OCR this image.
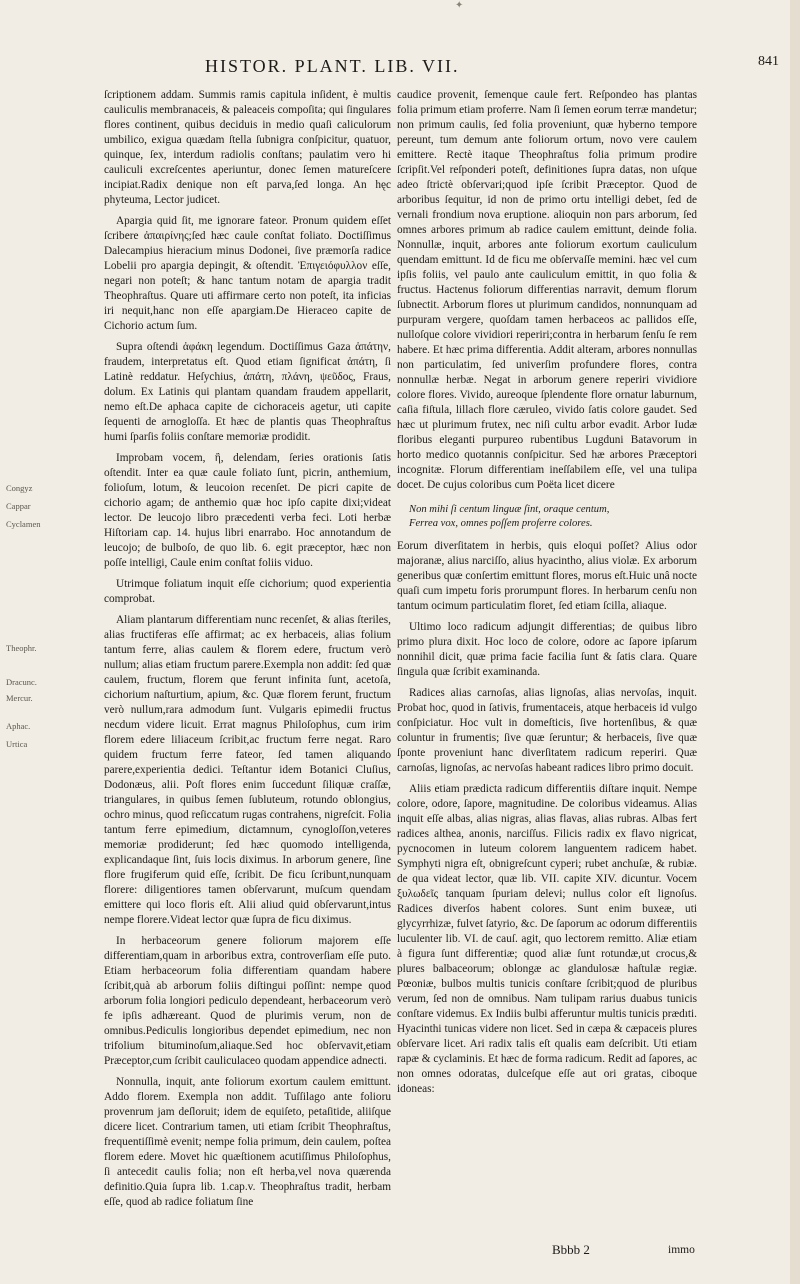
✦
HISTOR. PLANT. LIB. VII.	841
Congyz
Cappar
Cyclamen
Theophr.
Dracunc.
Mercur.
Aphac.
Urtica

ſcriptionem addam. Summis ramis capitula inſident, è multis cauliculis membranaceis, & paleaceis compoſita; qui ſingulares flores continent, quibus deciduis in medio quaſi caliculorum umbilico, exigua quædam ſtella ſubnigra conſpicitur, quatuor, quinque, ſex, interdum radiolis conſtans; paulatim vero hi cauliculi excreſcentes aperiuntur, donec ſemen matureſcere incipiat.Radix denique non eſt parva,ſed longa. An hęc phyteuma, Lector judicet.

Apargia quid ſit, me ignorare fateor. Pronum quidem eſſet ſcribere ἀπαιρίνης;ſed hæc caule conſtat foliato. Doctiſſimus Dalecampius hieracium minus Dodonei, ſive præmorſa radice Lobelii pro apargia depingit, & oſtendit. Ἐπιγειόφυλλον eſſe, negari non poteſt; & hanc tantum notam de apargia tradit Theophraſtus. Quare uti affirmare certo non poteſt, ita inficias iri nequit,hanc non eſſe apargiam.De Hieraceo capite de Cichorio actum ſum.

Supra oſtendi ἀφάκη legendum. Doctiſſimus Gaza ἀπάτην, fraudem, interpretatus eſt. Quod etiam ſignificat ἀπάτη, ſi Latinè reddatur. Heſychius, ἀπάτη, πλάνη, ψεῦδος, Fraus, dolum. Ex Latinis qui plantam quandam fraudem appellarit, nemo eſt.De aphaca capite de cichoraceis agetur, uti capite ſequenti de arnogloſſa. Et hæc de plantis quas Theophraſtus humi ſparſis foliis conſtare memoriæ prodidit.

Improbam vocem, ἢ, delendam, ſeries orationis ſatis oſtendit. Inter ea quæ caule foliato ſunt, picrin, anthemium, folioſum, lotum, & leucoion recenſet. De picri capite de cichorio agam; de anthemio quæ hoc ipſo capite dixi;videat lector. De leucojo libro præcedenti verba feci. Loti herbæ Hiſtoriam cap. 14. hujus libri enarrabo. Hoc annotandum de leucojo; de bulboſo, de quo lib. 6. egit præceptor, hæc non poſſe intelligi, Caule enim conſtat foliis viduo.

Utrimque foliatum inquit eſſe cichorium; quod experientia comprobat.

Aliam plantarum differentiam nunc recenſet, & alias ſteriles, alias fructiferas eſſe affirmat; ac ex herbaceis, alias folium tantum ferre, alias caulem & florem edere, fructum verò nullum; alias etiam fructum parere.Exempla non addit: ſed quæ caulem, fructum, florem que ferunt infinita ſunt, acetoſa, cichorium naſturtium, apium, &c. Quæ florem ferunt, fructum verò nullum,rara admodum ſunt. Vulgaris epimedii fructus necdum videre licuit. Errat magnus Philoſophus, cum irim florem edere liliaceum ſcribit,ac fructum ferre negat. Raro quidem fructum ferre fateor, ſed tamen aliquando parere,experientia dedici. Teſtantur idem Botanici Cluſius, Dodonæus, alii. Poſt flores enim ſuccedunt ſiliquæ craſſæ, triangulares, in quibus ſemen ſubluteum, rotundo oblongius, ochro minus, quod reſiccatum rugas contrahens, nigreſcit. Folia tantum ferre epimedium, dictamnum, cynogloſſon,veteres memoriæ prodiderunt; ſed hæc quomodo intelligenda, explicandaque ſint, ſuis locis diximus. In arborum genere, ſine flore frugiferum quid eſſe, ſcribit. De ficu ſcribunt,nunquam florere: diligentiores tamen obſervarunt, muſcum quendam emittere qui loco floris eſt. Alii aliud quid obſervarunt,intus nempe florere.Videat lector quæ ſupra de ficu diximus.

In herbaceorum genere foliorum majorem eſſe differentiam,quam in arboribus extra, controverſiam eſſe puto. Etiam herbaceorum folia differentiam quandam habere ſcribit,quà ab arborum foliis diſtingui poſſint: nempe quod arborum folia longiori pediculo dependeant, herbaceorum verò fe ipſis adhæreant. Quod de plurimis verum, non de omnibus.Pediculis longioribus dependet epimedium, nec non trifolium bituminoſum,aliaque.Sed hoc obſervavit,etiam Præceptor,cum ſcribit cauliculaceo quodam appendice adnecti.

Nonnulla, inquit, ante foliorum exortum caulem emittunt. Addo florem. Exempla non addit. Tuſſilago ante folioru provenrum jam deſloruit; idem de equiſeto, petaſitide, aliiſque dicere licet. Contrarium tamen, uti etiam ſcribit Theophraſtus, frequentiſſimè evenit; nempe folia primum, dein caulem, poſtea florem edere. Movet hic quæſtionem acutiſſimus Philoſophus, ſi antecedit caulis folia; non eſt herba,vel nova quærenda definitio.Quia ſupra lib. 1.cap.v. Theophraſtus tradit, herbam eſſe, quod ab radice foliatum ſine

caudice provenit, ſemenque caule fert. Reſpondeo has plantas folia primum etiam proferre. Nam ſi ſemen eorum terræ mandetur; non primum caulis, ſed folia proveniunt, quæ hyberno tempore pereunt, tum demum ante foliorum ortum, novo vere caulem emittere. Rectè itaque Theophraſtus folia primum prodire ſcripſit.Vel reſponderi poteſt, definitiones ſupra datas, non uſque adeo ſtrictè obſervari;quod ipſe ſcribit Præceptor. Quod de arboribus ſequitur, id non de primo ortu intelligi debet, ſed de vernali frondium nova eruptione. alioquin non pars arborum, ſed omnes arbores primum ab radice caulem emittunt, deinde folia. Nonnullæ, inquit, arbores ante foliorum exortum cauliculum quendam emittunt. Id de ficu me obſervaſſe memini. hæc vel cum ipſis foliis, vel paulo ante cauliculum emittit, in quo folia & fructus. Hactenus foliorum differentias narravit, demum florum ſubnectit. Arborum flores ut plurimum candidos, nonnunquam ad purpuram vergere, quoſdam tamen herbaceos ac pallidos eſſe, nulloſque colore vividiori reperiri;contra in herbarum ſenſu ſe rem habere. Et hæc prima differentia. Addit alteram, arbores nonnullas non particulatim, ſed univerſim profundere flores, contra nonnullæ herbæ. Negat in arborum genere reperiri vividiore colore flores. Vivido, aureoque ſplendente flore ornatur laburnum, caſia fiſtula, lillach flore cæruleo, vivido ſatis colore gaudet. Sed hæc ut plurimum frutex, nec niſi cultu arbor evadit. Arbor Iudæ floribus eleganti purpureo rubentibus Lugduni Batavorum in horto medico quotannis conſpicitur. Sed hæ arbores Præceptori incognitæ. Florum differentiam ineſſabilem eſſe, vel una tulipa docet. De cujus coloribus cum Poëta licet dicere

Non mihi ſi centum linguæ ſint, oraque centum,
Ferrea vox, omnes poſſem proferre colores.

Eorum diverſitatem in herbis, quis eloqui poſſet? Alius odor majoranæ, alius narciſſo, alius hyacintho, alius violæ. Ex arborum generibus quæ conſertim emittunt flores, morus eſt.Huic unâ nocte quaſi cum impetu foris prorumpunt flores. In herbarum cenſu non tantum ocimum particulatim floret, ſed etiam ſcilla, aliaque.

Ultimo loco radicum adjungit differentias; de quibus libro primo plura dixit. Hoc loco de colore, odore ac ſapore ipſarum nonnihil dicit, quæ prima facie facilia ſunt & ſatis clara. Quare ſingula quæ ſcribit examinanda.

Radices alias carnoſas, alias lignoſas, alias nervoſas, inquit. Probat hoc, quod in ſativis, frumentaceis, atque herbaceis id vulgo conſpiciatur. Hoc vult in domeſticis, ſive hortenſibus, & quæ coluntur in frumentis; ſive quæ ſeruntur; & herbaceis, ſive quæ ſponte proveniunt hanc diverſitatem radicum reperiri. Quæ carnoſas, lignoſas, ac nervoſas habeant radices libro primo docuit.

Aliis etiam prædicta radicum differentiis diſtare inquit. Nempe colore, odore, ſapore, magnitudine. De coloribus videamus. Alias inquit eſſe albas, alias nigras, alias flavas, alias rubras. Albas fert radices althea, anonis, narciſſus. Filicis radix ex flavo nigricat, pycnocomen in luteum colorem languentem radicem habet. Symphyti nigra eſt, obnigreſcunt cyperi; rubet anchuſæ, & rubiæ. de qua videat lector, quæ lib. VII. capite XIV. dicuntur. Vocem ξυλωδεῖς tanquam ſpuriam delevi; nullus color eſt lignoſus. Radices diverſos habent colores. Sunt enim buxeæ, uti glycyrrhizæ, fulvet ſatyrio, &c. De ſaporum ac odorum differentiis luculenter lib. VI. de cauſ. agit, quo lectorem remitto. Aliæ etiam à figura ſunt differentiæ; quod aliæ ſunt rotundæ,ut crocus,& plures balbaceorum; oblongæ ac glandulosæ haſtulæ regiæ. Pœoniæ, bulbos multis tunicis conſtare ſcribit;quod de pluribus verum, ſed non de omnibus. Nam tulipam rarius duabus tunicis conſtare videmus. Ex Indiis bulbi afferuntur multis tunicis prædıti. Hyacinthi tunicas videre non licet. Sed in cæpa & cæpaceis plures obſervare licet. Ari radix talis eſt qualis eam deſcribit. Uti etiam rapæ & cyclaminis. Et hæc de forma radicum. Redit ad ſapores, ac non omnes odoratas, dulceſque eſſe aut ori gratas, ciboque idoneas:

Bbbb 2	immo
